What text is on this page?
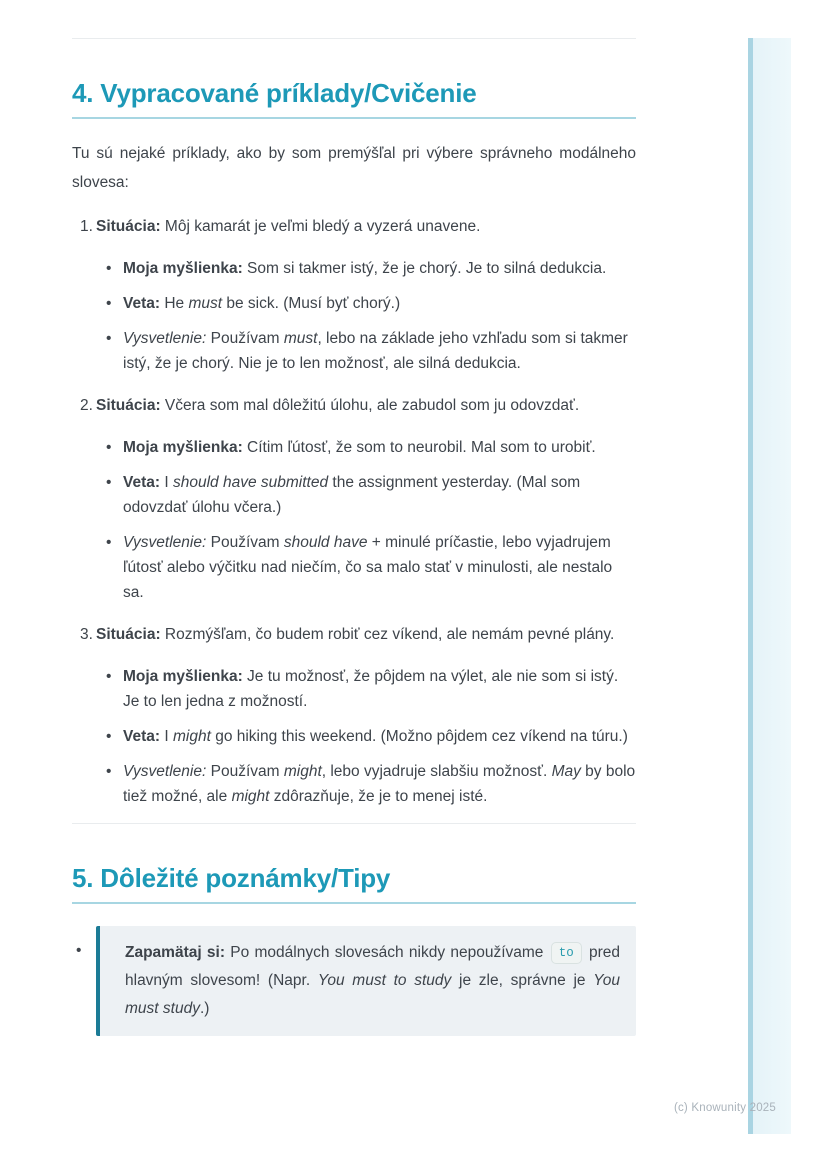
4. Vypracované príklady/Cvičenie

Tu sú nejaké príklady, ako by som premýšľal pri výbere správneho modálneho slovesa:

1. Situácia: Môj kamarát je veľmi bledý a vyzerá unavene.
• Moja myšlienka: Som si takmer istý, že je chorý. Je to silná dedukcia.
• Veta: He must be sick. (Musí byť chorý.)
• Vysvetlenie: Používam must, lebo na základe jeho vzhľadu som si takmer istý, že je chorý. Nie je to len možnosť, ale silná dedukcia.
2. Situácia: Včera som mal dôležitú úlohu, ale zabudol som ju odovzdať.
• Moja myšlienka: Cítim ľútosť, že som to neurobil. Mal som to urobiť.
• Veta: I should have submitted the assignment yesterday. (Mal som odovzdať úlohu včera.)
• Vysvetlenie: Používam should have + minulé príčastie, lebo vyjadrujem ľútosť alebo výčitku nad niečím, čo sa malo stať v minulosti, ale nestalo sa.
3. Situácia: Rozmýšľam, čo budem robiť cez víkend, ale nemám pevné plány.
• Moja myšlienka: Je tu možnosť, že pôjdem na výlet, ale nie som si istý. Je to len jedna z možností.
• Veta: I might go hiking this weekend. (Možno pôjdem cez víkend na túru.)
• Vysvetlenie: Používam might, lebo vyjadruje slabšiu možnosť. May by bolo tiež možné, ale might zdôrazňuje, že je to menej isté.
5. Dôležité poznámky/Tipy
•	Zapamätaj si: Po modálnych slovesách nikdy nepoužívame to pred hlavným slovesom! (Napr. You must to study je zle, správne je You must study.)
(c) Knowunity 2025
